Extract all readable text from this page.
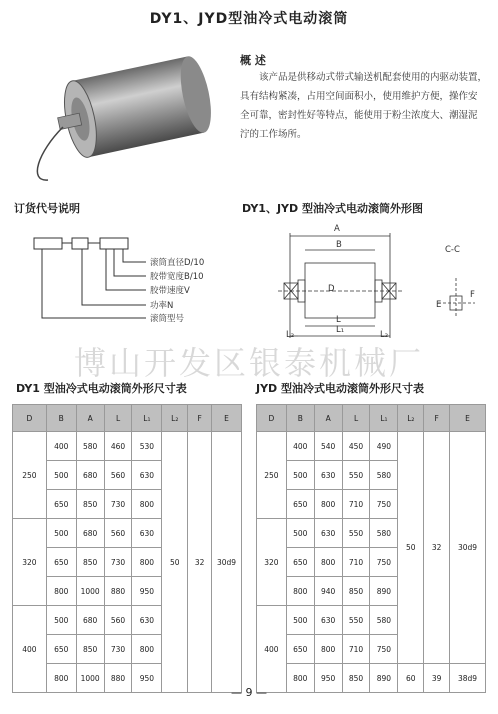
DY1、JYD型油冷式电动滚筒
概 述
该产品是供移动式带式输送机配套使用的内驱动装置，
具有结构紧凑，占用空间面积小，使用维护方便，操作安
全可靠，密封性好等特点，能使用于粉尘浓度大、潮湿泥
泞的工作场所。
订货代号说明
滚筒直径D/10
胶带宽度B/10
胶带速度V
功率N
滚筒型号
DY1、JYD 型油冷式电动滚筒外形图
A
B
D
L
L₁
L₂	L₂
C-C
E
F
博山开发区银泰机械厂
DY1 型油冷式电动滚筒外形尺寸表
D	B	A	L	L₁	L₂	F	E
250	400	580	460	530	50	32	30d9
	500	680	560	630			
	650	850	730	800			
320	500	680	560	630			
	650	850	730	800			
	800	1000	880	950			
400	500	680	560	630			
	650	850	730	800			
	800	1000	880	950			
JYD 型油冷式电动滚筒外形尺寸表
D	B	A	L	L₁	L₂	F	E
250	400	540	450	490	50	32	30d9
	500	630	550	580			
	650	800	710	750			
320	500	630	550	580			
	650	800	710	750			
	800	940	850	890			
400	500	630	550	580			
	650	800	710	750			
	800	950	850	890	60	39	38d9
— 9 —
